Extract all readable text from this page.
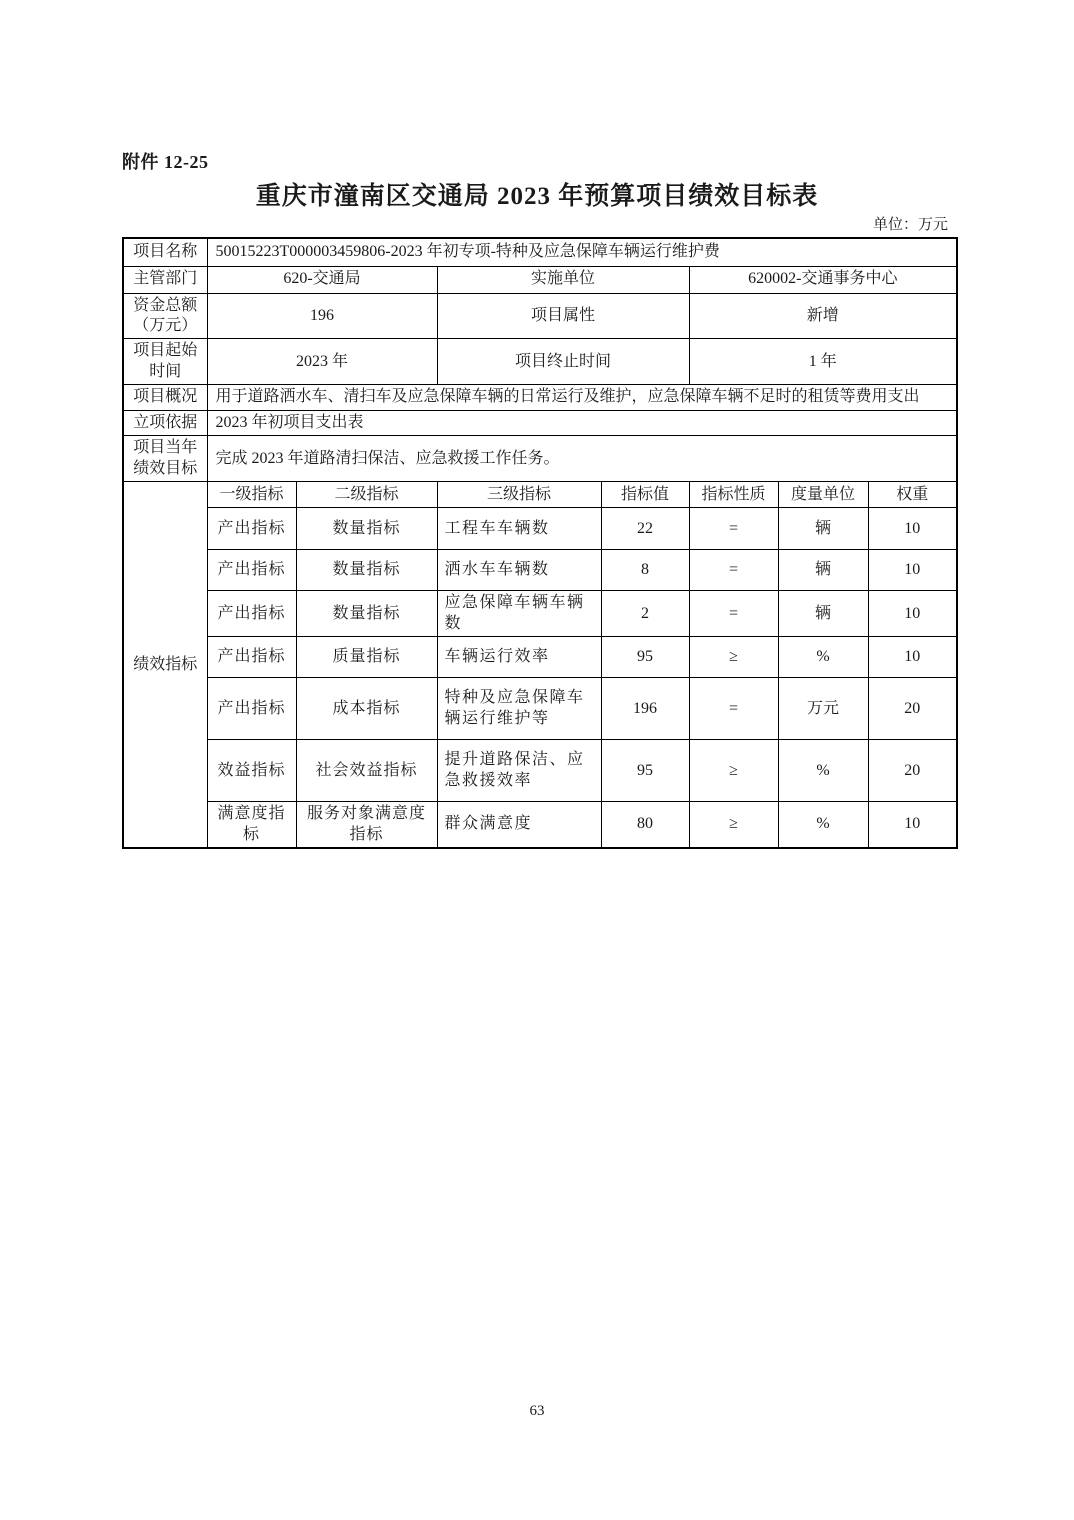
附件 12-25
重庆市潼南区交通局 2023 年预算项目绩效目标表
单位：万元
项目名称	50015223T000003459806-2023 年初专项-特种及应急保障车辆运行维护费						
主管部门	620-交通局		实施单位		620002-交通事务中心		
资金总额（万元）	196		项目属性		新增		
项目起始时间	2023 年		项目终止时间		1 年		
项目概况	用于道路洒水车、清扫车及应急保障车辆的日常运行及维护，应急保障车辆不足时的租赁等费用支出						
立项依据	2023 年初项目支出表						
项目当年绩效目标	完成 2023 年道路清扫保洁、应急救援工作任务。						
绩效指标	一级指标	二级指标	三级指标	指标值	指标性质	度量单位	权重
	产出指标	数量指标	工程车车辆数	22	=	辆	10
	产出指标	数量指标	洒水车车辆数	8	=	辆	10
	产出指标	数量指标	应急保障车辆车辆数	2	=	辆	10
	产出指标	质量指标	车辆运行效率	95	≥	%	10
	产出指标	成本指标	特种及应急保障车辆运行维护等	196	=	万元	20
	效益指标	社会效益指标	提升道路保洁、应急救援效率	95	≥	%	20
	满意度指标	服务对象满意度指标	群众满意度	80	≥	%	10
63
